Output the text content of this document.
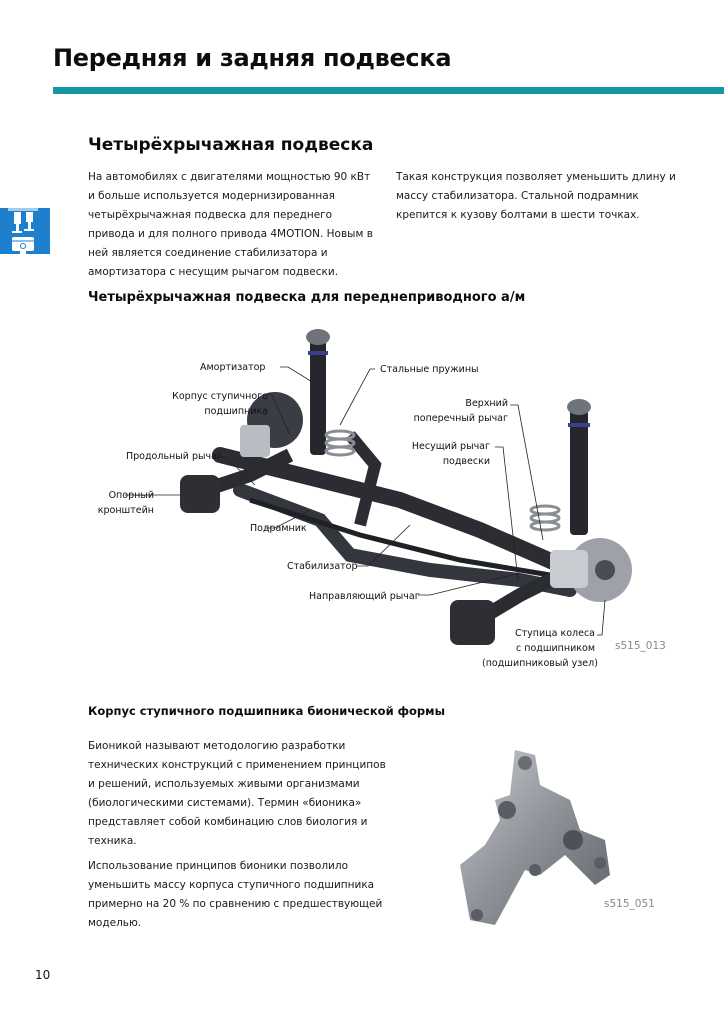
Передняя и задняя подвеска
Четырёхрычажная подвеска

На автомобилях с двигателями мощностью 90 кВт и больше используется модернизированная четырёхрычажная подвеска для переднего привода и для полного привода 4MOTION. Новым в ней является соединение стабилизатора и амортизатора с несущим рычагом подвески.

Такая конструкция позволяет уменьшить длину и массу стабилизатора. Стальной подрамник крепится к кузову болтами в шести точках.

Четырёхрычажная подвеска для переднеприводного а/м
Амортизатор	Стальные пружины
Корпус ступичного
подшипника
Верхний
поперечный рычаг
Продольный рычаг
Несущий рычаг
подвески
Опорный
кронштейн
Подрамник
Стабилизатор
Направляющий рычаг
Ступица колеса
с подшипником
(подшипниковый узел)
s515_013
Корпус ступичного подшипника бионической формы

Бионикой называют методологию разработки технических конструкций с применением принципов и решений, используемых живыми организмами (биологическими системами). Термин «бионика» представляет собой комбинацию слов биология и техника.

Использование принципов бионики позволило уменьшить массу корпуса ступичного подшипника примерно на 20 % по сравнению с предшествующей моделью.

s515_051
10
